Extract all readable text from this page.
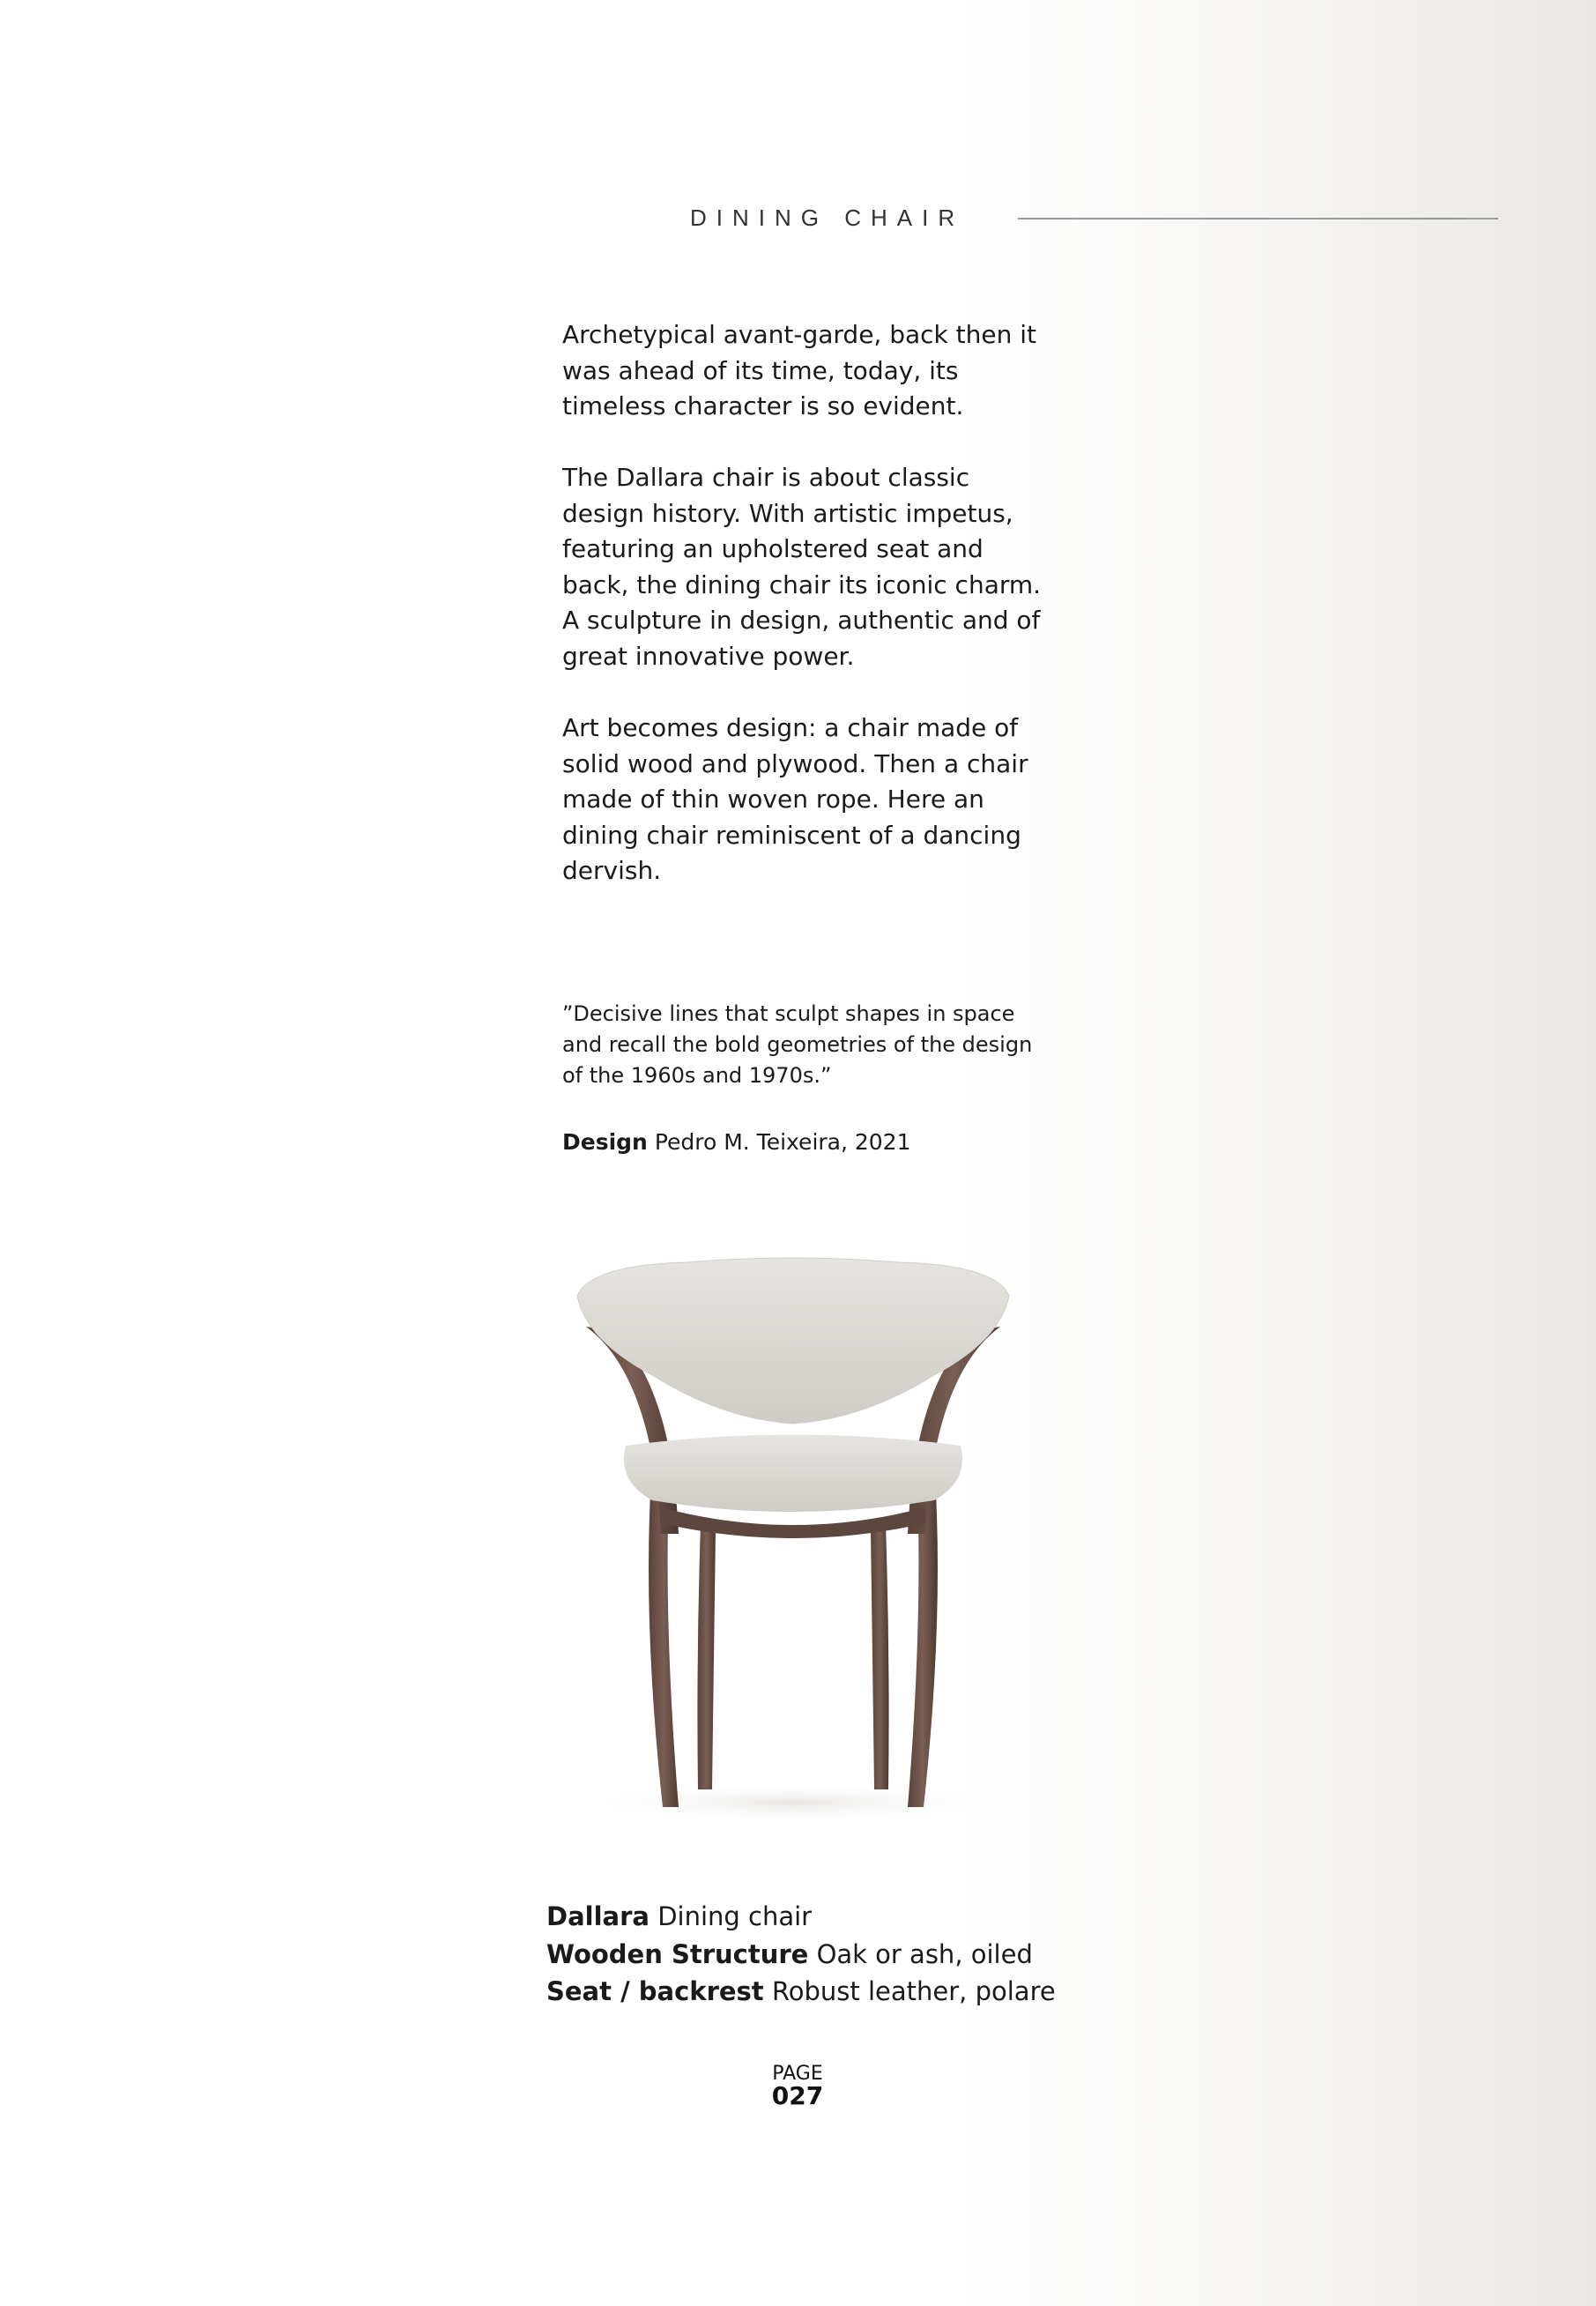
DINING CHAIR
Archetypical avant-garde, back then it was ahead of its time, today, its timeless character is so evident.
The Dallara chair is about classic design history. With artistic impetus, featuring an upholstered seat and back, the dining chair its iconic charm. A sculpture in design, authentic and of great innovative power.
Art becomes design: a chair made of solid wood and plywood. Then a chair made of thin woven rope. Here an dining chair reminiscent of a dancing dervish.
”Decisive lines that sculpt shapes in space and recall the bold geometries of the design of the 1960s and 1970s.”
Design Pedro M. Teixeira, 2021
Dallara Dining chair
Wooden Structure Oak or ash, oiled
Seat / backrest Robust leather, polare
PAGE
027
